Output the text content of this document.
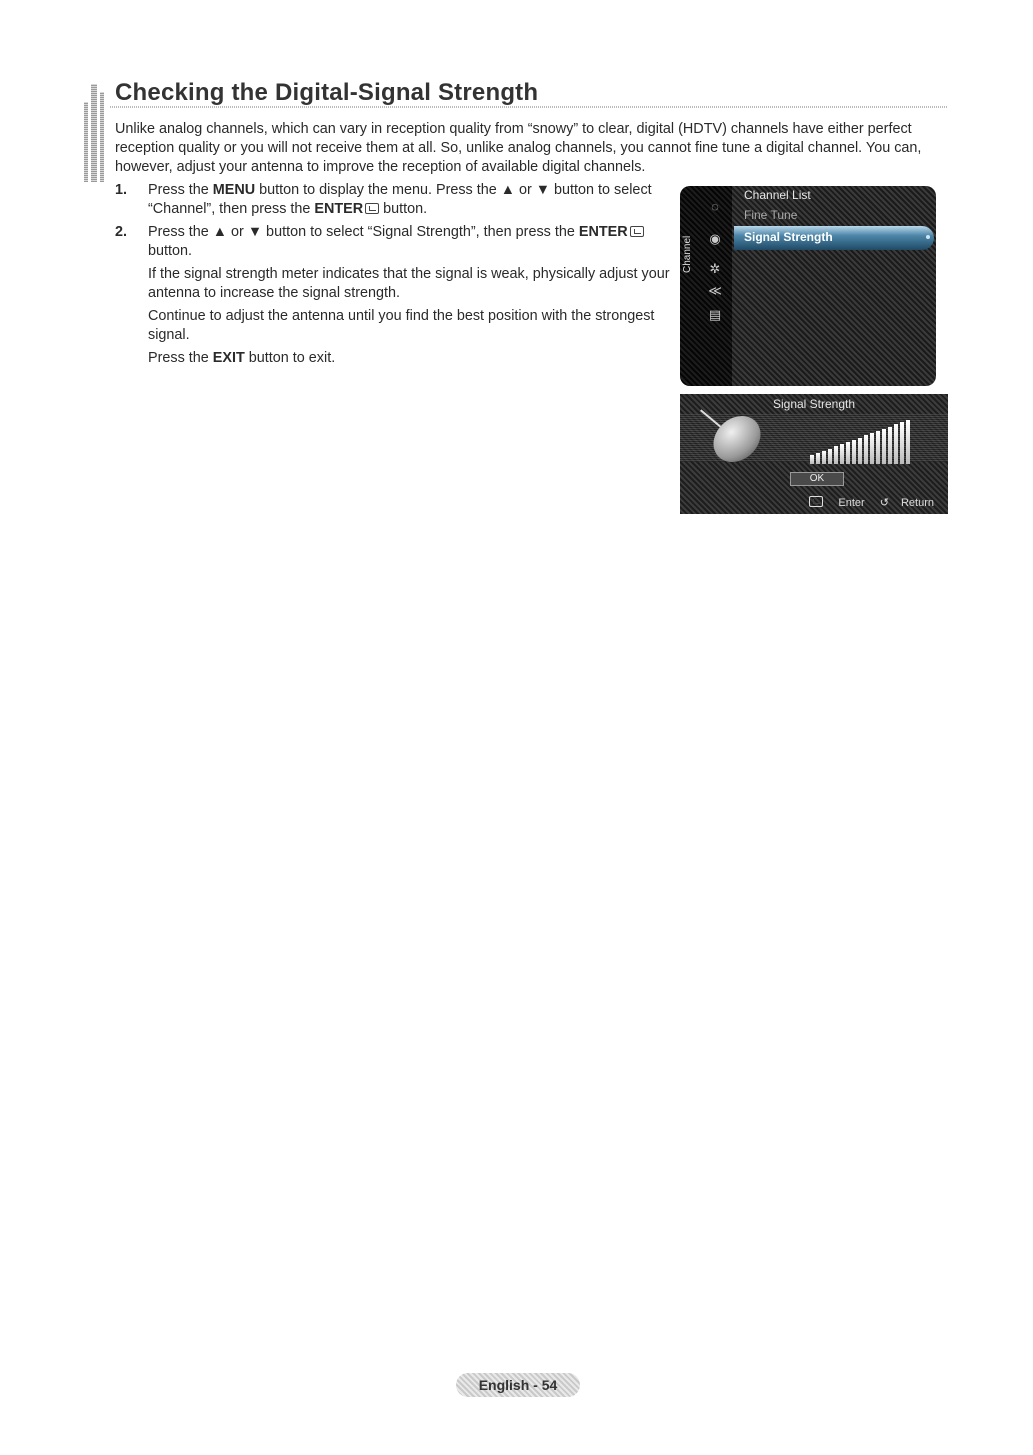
Checking the Digital-Signal Strength

Unlike analog channels, which can vary in reception quality from “snowy” to clear, digital (HDTV) channels have either perfect reception quality or you will not receive them at all. So, unlike analog channels, you cannot fine tune a digital channel. You can, however, adjust your antenna to improve the reception of available digital channels.

1. Press the MENU button to display the menu. Press the ▲ or ▼ button to select “Channel”, then press the ENTER button.
2. Press the ▲ or ▼ button to select “Signal Strength”, then press the ENTER button.

If the signal strength meter indicates that the signal is weak, physically adjust your antenna to increase the signal strength.

Continue to adjust the antenna until you find the best position with the strongest signal.

Press the EXIT button to exit.

Channel
◌
◉
✲
≪
▤
Channel List
Fine Tune
Signal Strength
Signal Strength
OK
Enter ↺ Return
English - 54
